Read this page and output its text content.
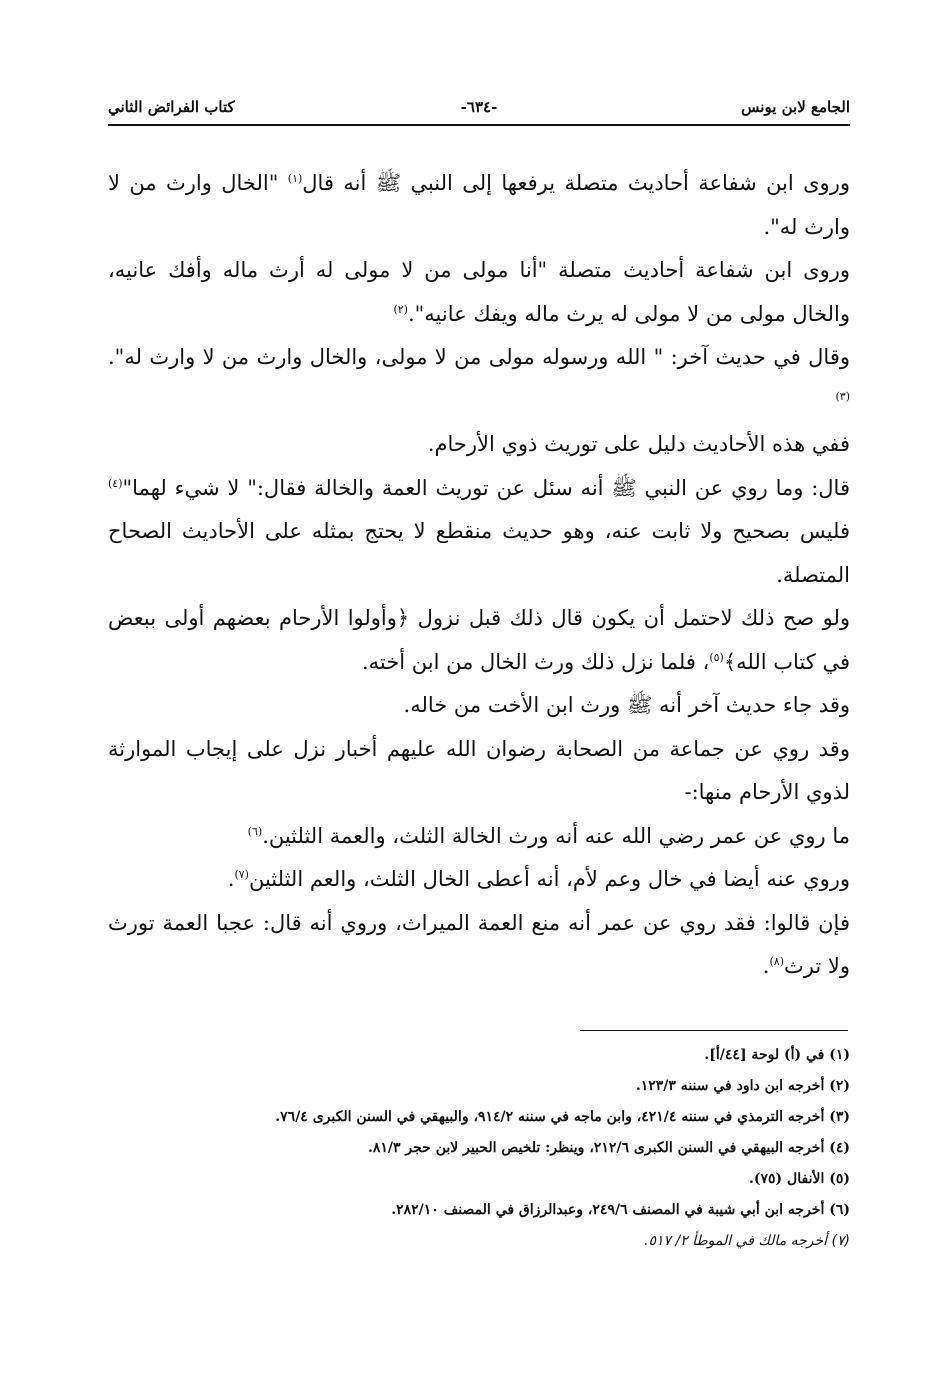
الجامع لابن يونس
-٦٣٤-
كتاب الفرائض الثاني

وروى ابن شفاعة أحاديث متصلة يرفعها إلى النبي ﷺ أنه قال$^{(١)}$ "الخال وارث من لا وارث له".

وروى ابن شفاعة أحاديث متصلة "أنا مولى من لا مولى له أرث ماله وأفك عانيه، والخال مولى من لا مولى له يرث ماله ويفك عانيه".$^{(٢)}$

وقال في حديث آخر: " الله ورسوله مولى من لا مولى، والخال وارث من لا وارث له".$^{(٣)}$

ففي هذه الأحاديث دليل على توريث ذوي الأرحام.

قال: وما روي عن النبي ﷺ أنه سئل عن توريث العمة والخالة فقال:" لا شيء لهما"$^{(٤)}$ فليس بصحيح ولا ثابت عنه، وهو حديث منقطع لا يحتج بمثله على الأحاديث الصحاح المتصلة.

ولو صح ذلك لاحتمل أن يكون قال ذلك قبل نزول ﴿وأولوا الأرحام بعضهم أولى ببعض في كتاب الله﴾$^{(٥)}$، فلما نزل ذلك ورث الخال من ابن أخته.

وقد جاء حديث آخر أنه ﷺ ورث ابن الأخت من خاله.

وقد روي عن جماعة من الصحابة رضوان الله عليهم أخبار نزل على إيجاب الموارثة لذوي الأرحام منها:-

ما روي عن عمر رضي الله عنه أنه ورث الخالة الثلث، والعمة الثلثين.$^{(٦)}$

وروي عنه أيضا في خال وعم لأم، أنه أعطى الخال الثلث، والعم الثلثين$^{(٧)}$.

فإن قالوا: فقد روي عن عمر أنه منع العمة الميراث، وروي أنه قال: عجبا العمة تورث ولا ترث$^{(٨)}$.

(١) في (أ) لوحة [٤٤/أ].
(٢) أخرجه ابن داود في سننه ١٢٣/٣.
(٣) أخرجه الترمذي في سننه ٤٢١/٤، وابن ماجه في سننه ٩١٤/٢، والبيهقي في السنن الكبرى ٧٦/٤.
(٤) أخرجه البيهقي في السنن الكبرى ٢١٢/٦، وينظر: تلخيص الحبير لابن حجر ٨١/٣.
(٥) الأنفال (٧٥).
(٦) أخرجه ابن أبي شيبة في المصنف ٢٤٩/٦، وعبدالرزاق في المصنف ٢٨٢/١٠.
(٧) أخرجه مالك في الموطأ ٢/ ٥١٧.
